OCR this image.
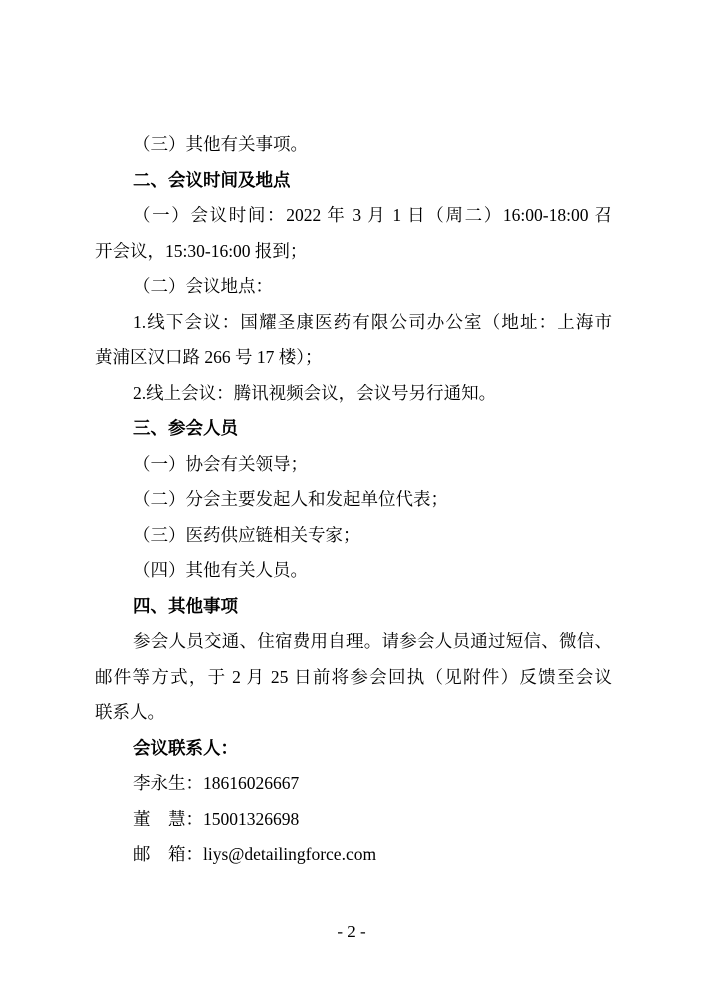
（三）其他有关事项。
二、会议时间及地点
（一）会议时间：2022 年 3 月 1 日（周二）16:00-18:00 召
开会议，15:30-16:00 报到；
（二）会议地点：
1.线下会议：国耀圣康医药有限公司办公室（地址：上海市
黄浦区汉口路 266 号 17 楼）；
2.线上会议：腾讯视频会议，会议号另行通知。
三、参会人员
（一）协会有关领导；
（二）分会主要发起人和发起单位代表；
（三）医药供应链相关专家；
（四）其他有关人员。
四、其他事项
参会人员交通、住宿费用自理。请参会人员通过短信、微信、
邮件等方式，于 2 月 25 日前将参会回执（见附件）反馈至会议
联系人。
会议联系人：
李永生：18616026667
董　慧：15001326698
邮　箱：liys@detailingforce.com
- 2 -
